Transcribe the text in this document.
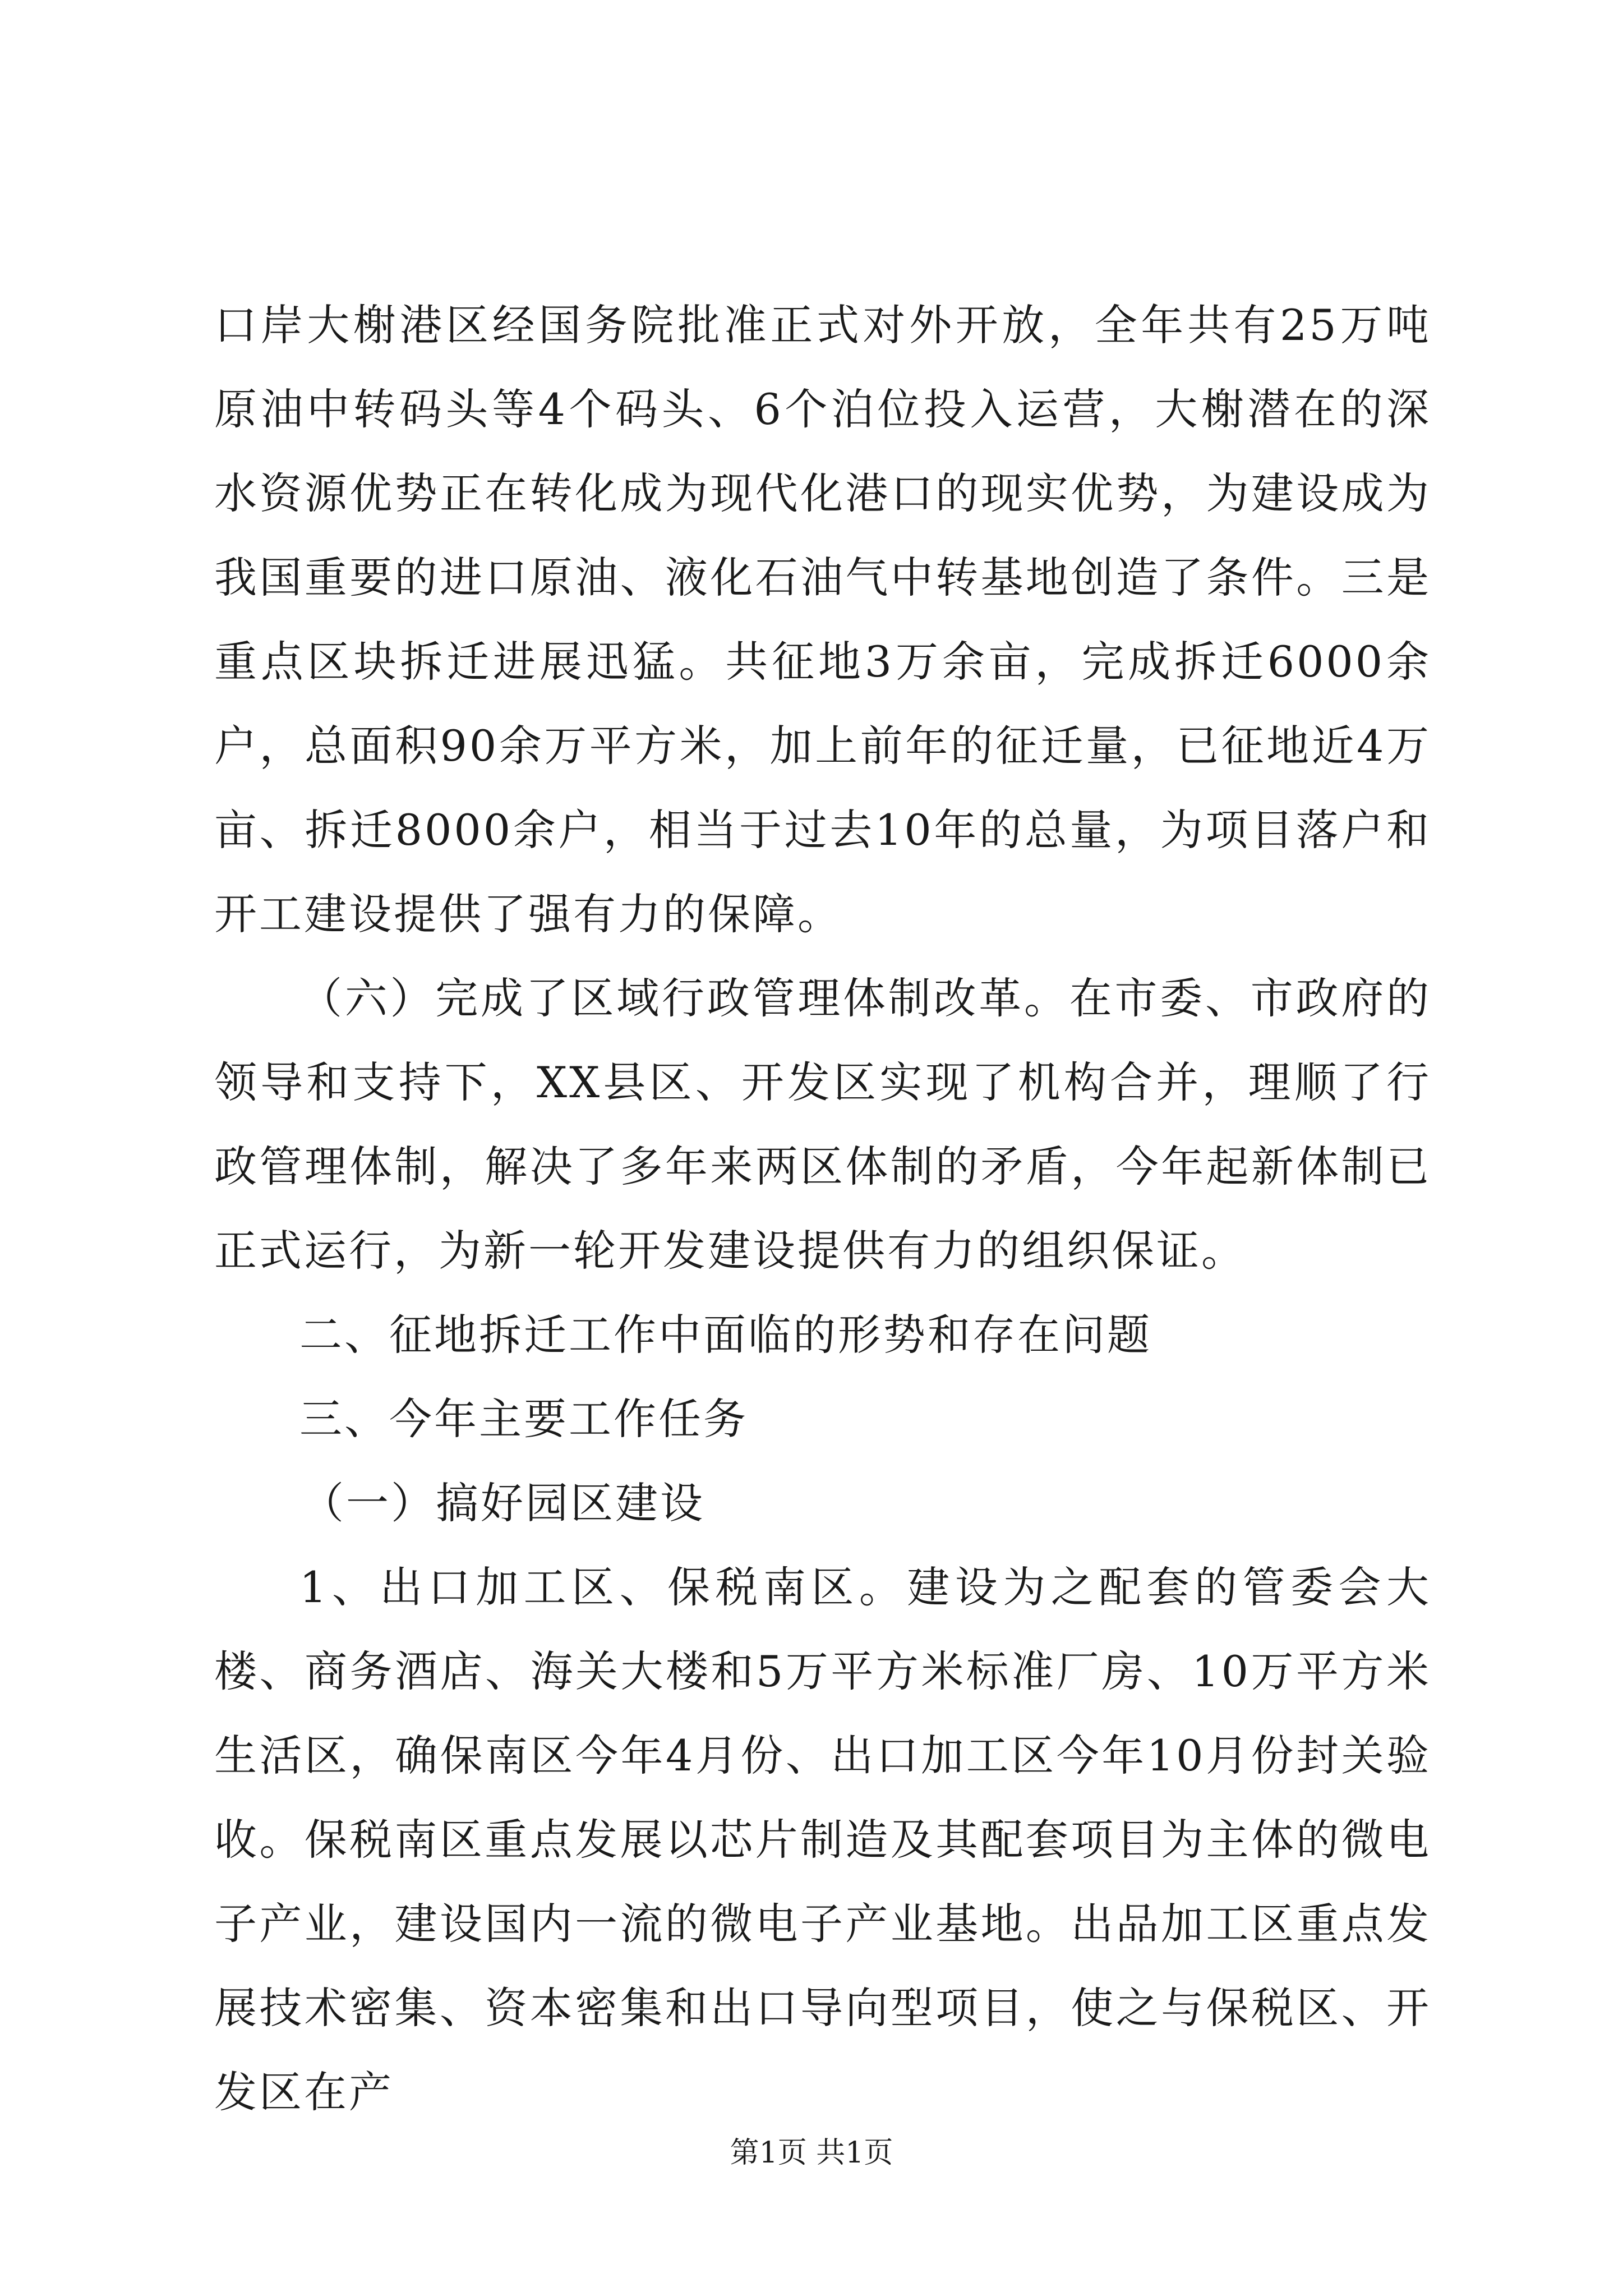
口岸大榭港区经国务院批准正式对外开放，全年共有25万吨原油中转码头等4个码头、6个泊位投入运营，大榭潜在的深水资源优势正在转化成为现代化港口的现实优势，为建设成为我国重要的进口原油、液化石油气中转基地创造了条件。三是重点区块拆迁进展迅猛。共征地3万余亩，完成拆迁6000余户，总面积90余万平方米，加上前年的征迁量，已征地近4万亩、拆迁8000余户，相当于过去10年的总量，为项目落户和开工建设提供了强有力的保障。

（六）完成了区域行政管理体制改革。在市委、市政府的领导和支持下，XX县区、开发区实现了机构合并，理顺了行政管理体制，解决了多年来两区体制的矛盾，今年起新体制已正式运行，为新一轮开发建设提供有力的组织保证。

二、征地拆迁工作中面临的形势和存在问题

三、今年主要工作任务

（一）搞好园区建设

1、出口加工区、保税南区。建设为之配套的管委会大楼、商务酒店、海关大楼和5万平方米标准厂房、10万平方米生活区，确保南区今年4月份、出口加工区今年10月份封关验收。保税南区重点发展以芯片制造及其配套项目为主体的微电子产业，建设国内一流的微电子产业基地。出品加工区重点发展技术密集、资本密集和出口导向型项目，使之与保税区、开发区在产

第1页 共1页
